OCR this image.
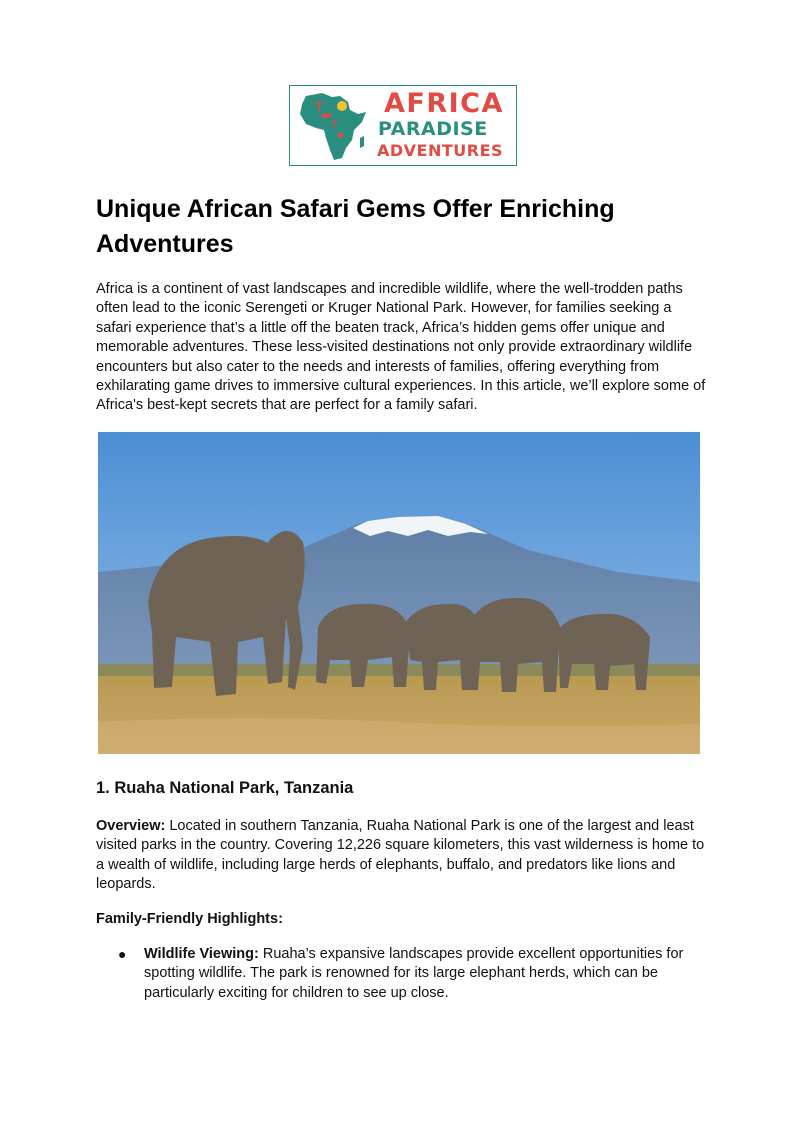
AFRICA
PARADISE
ADVENTURES
Unique African Safari Gems Offer Enriching Adventures

Africa is a continent of vast landscapes and incredible wildlife, where the well-trodden paths often lead to the iconic Serengeti or Kruger National Park. However, for families seeking a safari experience that’s a little off the beaten track, Africa’s hidden gems offer unique and memorable adventures. These less-visited destinations not only provide extraordinary wildlife encounters but also cater to the needs and interests of families, offering everything from exhilarating game drives to immersive cultural experiences. In this article, we’ll explore some of Africa's best-kept secrets that are perfect for a family safari.

1. Ruaha National Park, Tanzania

Overview: Located in southern Tanzania, Ruaha National Park is one of the largest and least visited parks in the country. Covering 12,226 square kilometers, this vast wilderness is home to a wealth of wildlife, including large herds of elephants, buffalo, and predators like lions and leopards.

Family-Friendly Highlights:

● Wildlife Viewing: Ruaha’s expansive landscapes provide excellent opportunities for spotting wildlife. The park is renowned for its large elephant herds, which can be particularly exciting for children to see up close.
